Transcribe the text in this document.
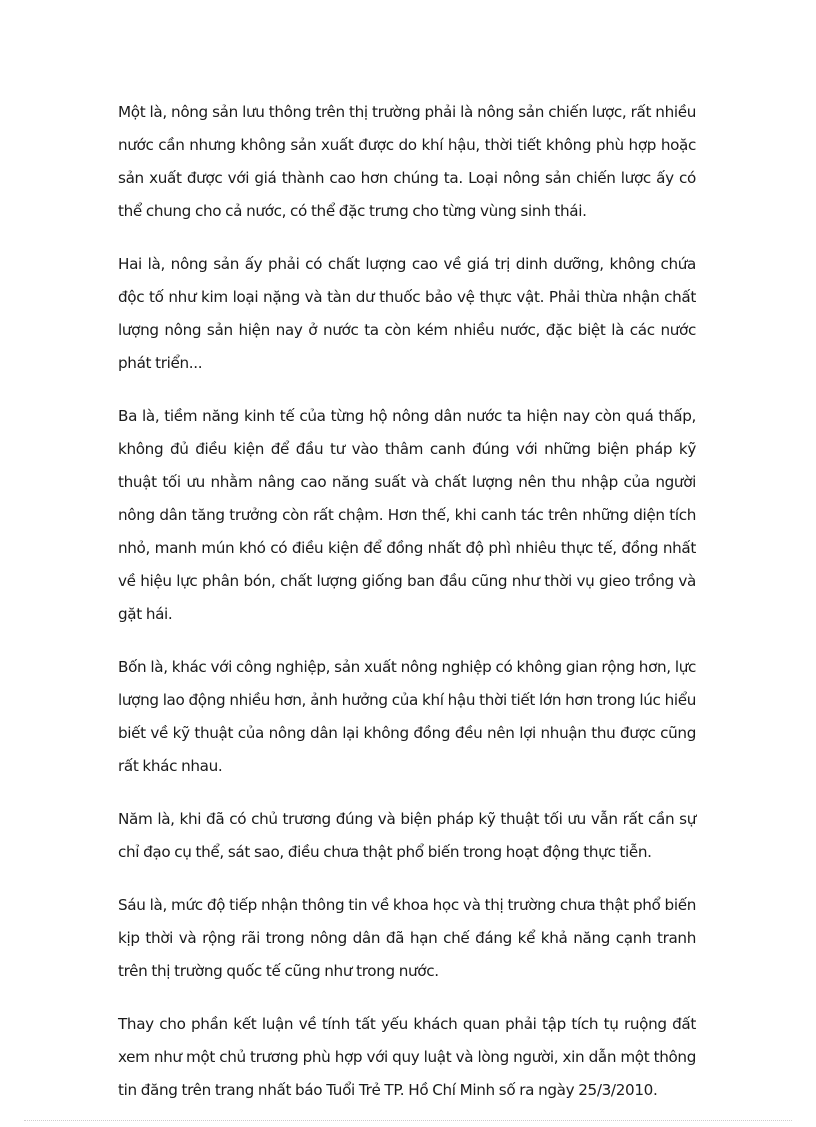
Một là, nông sản lưu thông trên thị trường phải là nông sản chiến lược, rất nhiều nước cần nhưng không sản xuất được do khí hậu, thời tiết không phù hợp hoặc sản xuất được với giá thành cao hơn chúng ta. Loại nông sản chiến lược ấy có thể chung cho cả nước, có thể đặc trưng cho từng vùng sinh thái.

Hai là, nông sản ấy phải có chất lượng cao về giá trị dinh dưỡng, không chứa độc tố như kim loại nặng và tàn dư thuốc bảo vệ thực vật. Phải thừa nhận chất lượng nông sản hiện nay ở nước ta còn kém nhiều nước, đặc biệt là các nước phát triển...

Ba là, tiềm năng kinh tế của từng hộ nông dân nước ta hiện nay còn quá thấp, không đủ điều kiện để đầu tư vào thâm canh đúng với những biện pháp kỹ thuật tối ưu nhằm nâng cao năng suất và chất lượng nên thu nhập của người nông dân tăng trưởng còn rất chậm. Hơn thế, khi canh tác trên những diện tích nhỏ, manh mún khó có điều kiện để đồng nhất độ phì nhiêu thực tế, đồng nhất về hiệu lực phân bón, chất lượng giống ban đầu cũng như thời vụ gieo trồng và gặt hái.

Bốn là, khác với công nghiệp, sản xuất nông nghiệp có không gian rộng hơn, lực lượng lao động nhiều hơn, ảnh hưởng của khí hậu thời tiết lớn hơn trong lúc hiểu biết về kỹ thuật của nông dân lại không đồng đều nên lợi nhuận thu được cũng rất khác nhau.

Năm là, khi đã có chủ trương đúng và biện pháp kỹ thuật tối ưu vẫn rất cần sự chỉ đạo cụ thể, sát sao, điều chưa thật phổ biến trong hoạt động thực tiễn.

Sáu là, mức độ tiếp nhận thông tin về khoa học và thị trường chưa thật phổ biến kịp thời và rộng rãi trong nông dân đã hạn chế đáng kể khả năng cạnh tranh trên thị trường quốc tế cũng như trong nước.

Thay cho phần kết luận về tính tất yếu khách quan phải tập tích tụ ruộng đất xem như một chủ trương phù hợp với quy luật và lòng người, xin dẫn một thông tin đăng trên trang nhất báo Tuổi Trẻ TP. Hồ Chí Minh số ra ngày 25/3/2010.
